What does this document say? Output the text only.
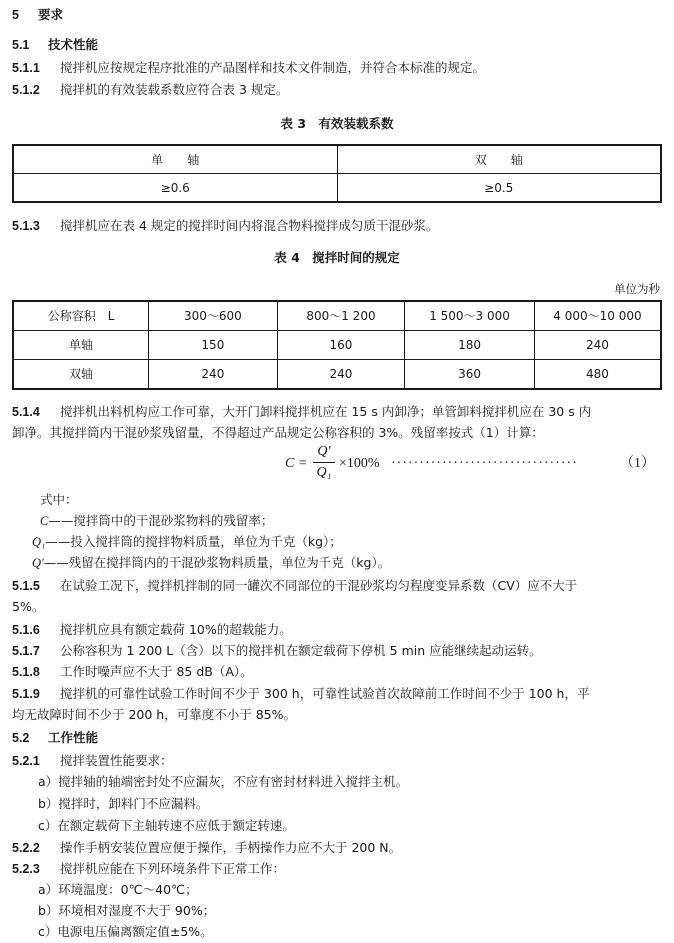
5 要求
5.1 技术性能
5.1.1 搅拌机应按规定程序批准的产品图样和技术文件制造，并符合本标准的规定。
5.1.2 搅拌机的有效装载系数应符合表 3 规定。
表 3　有效装载系数
单　　轴	双　　轴
≥0.6	≥0.5
5.1.3 搅拌机应在表 4 规定的搅拌时间内将混合物料搅拌成匀质干混砂浆。
表 4　搅拌时间的规定
单位为秒
公称容积　L	300～600	800～1 200	1 500～3 000	4 000～10 000
单轴	150	160	180	240
双轴	240	240	360	480
5.1.4 搅拌机出料机构应工作可靠，大开门卸料搅拌机应在 15 s 内卸净；单管卸料搅拌机应在 30 s 内
卸净。其搅拌筒内干混砂浆残留量，不得超过产品规定公称容积的 3%。残留率按式（1）计算：
C =
Q′
Q₁
×100% ·································	（1）
式中：
C——搅拌筒中的干混砂浆物料的残留率；
Q₁——投入搅拌筒的搅拌物料质量，单位为千克（kg）；
Q′——残留在搅拌筒内的干混砂浆物料质量，单位为千克（kg）。
5.1.5 在试验工况下，搅拌机拌制的同一罐次不同部位的干混砂浆均匀程度变异系数（CV）应不大于
5%。
5.1.6 搅拌机应具有额定载荷 10%的超载能力。
5.1.7 公称容积为 1 200 L（含）以下的搅拌机在额定载荷下停机 5 min 应能继续起动运转。
5.1.8 工作时噪声应不大于 85 dB（A）。
5.1.9 搅拌机的可靠性试验工作时间不少于 300 h，可靠性试验首次故障前工作时间不少于 100 h，平
均无故障时间不少于 200 h，可靠度不小于 85%。
5.2 工作性能
5.2.1 搅拌装置性能要求：
a）搅拌轴的轴端密封处不应漏灰，不应有密封材料进入搅拌主机。
b）搅拌时，卸料门不应漏料。
c）在额定载荷下主轴转速不应低于额定转速。
5.2.2 操作手柄安装位置应便于操作，手柄操作力应不大于 200 N。
5.2.3 搅拌机应能在下列环境条件下正常工作：
a）环境温度：0℃～40℃；
b）环境相对湿度不大于 90%；
c）电源电压偏离额定值±5%。
